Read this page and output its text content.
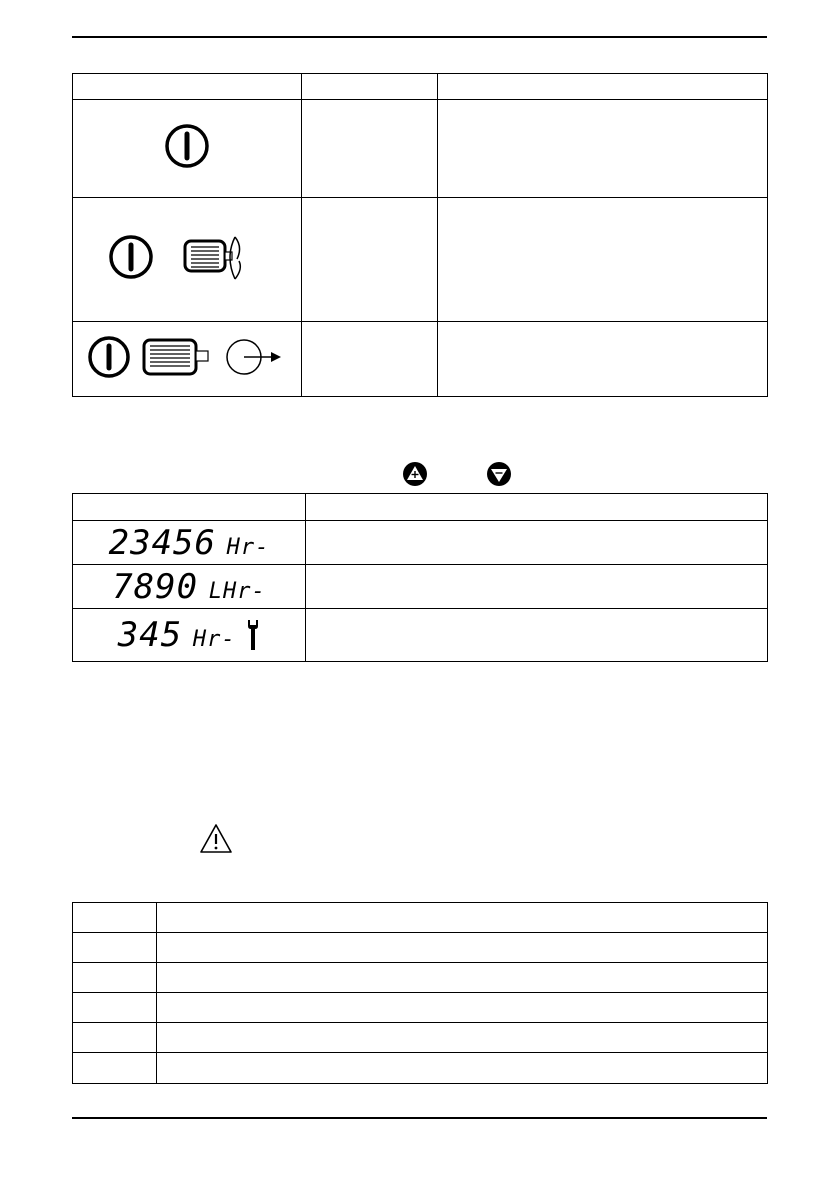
23456 Hr-	
7890 LHr-	
345 Hr-	
